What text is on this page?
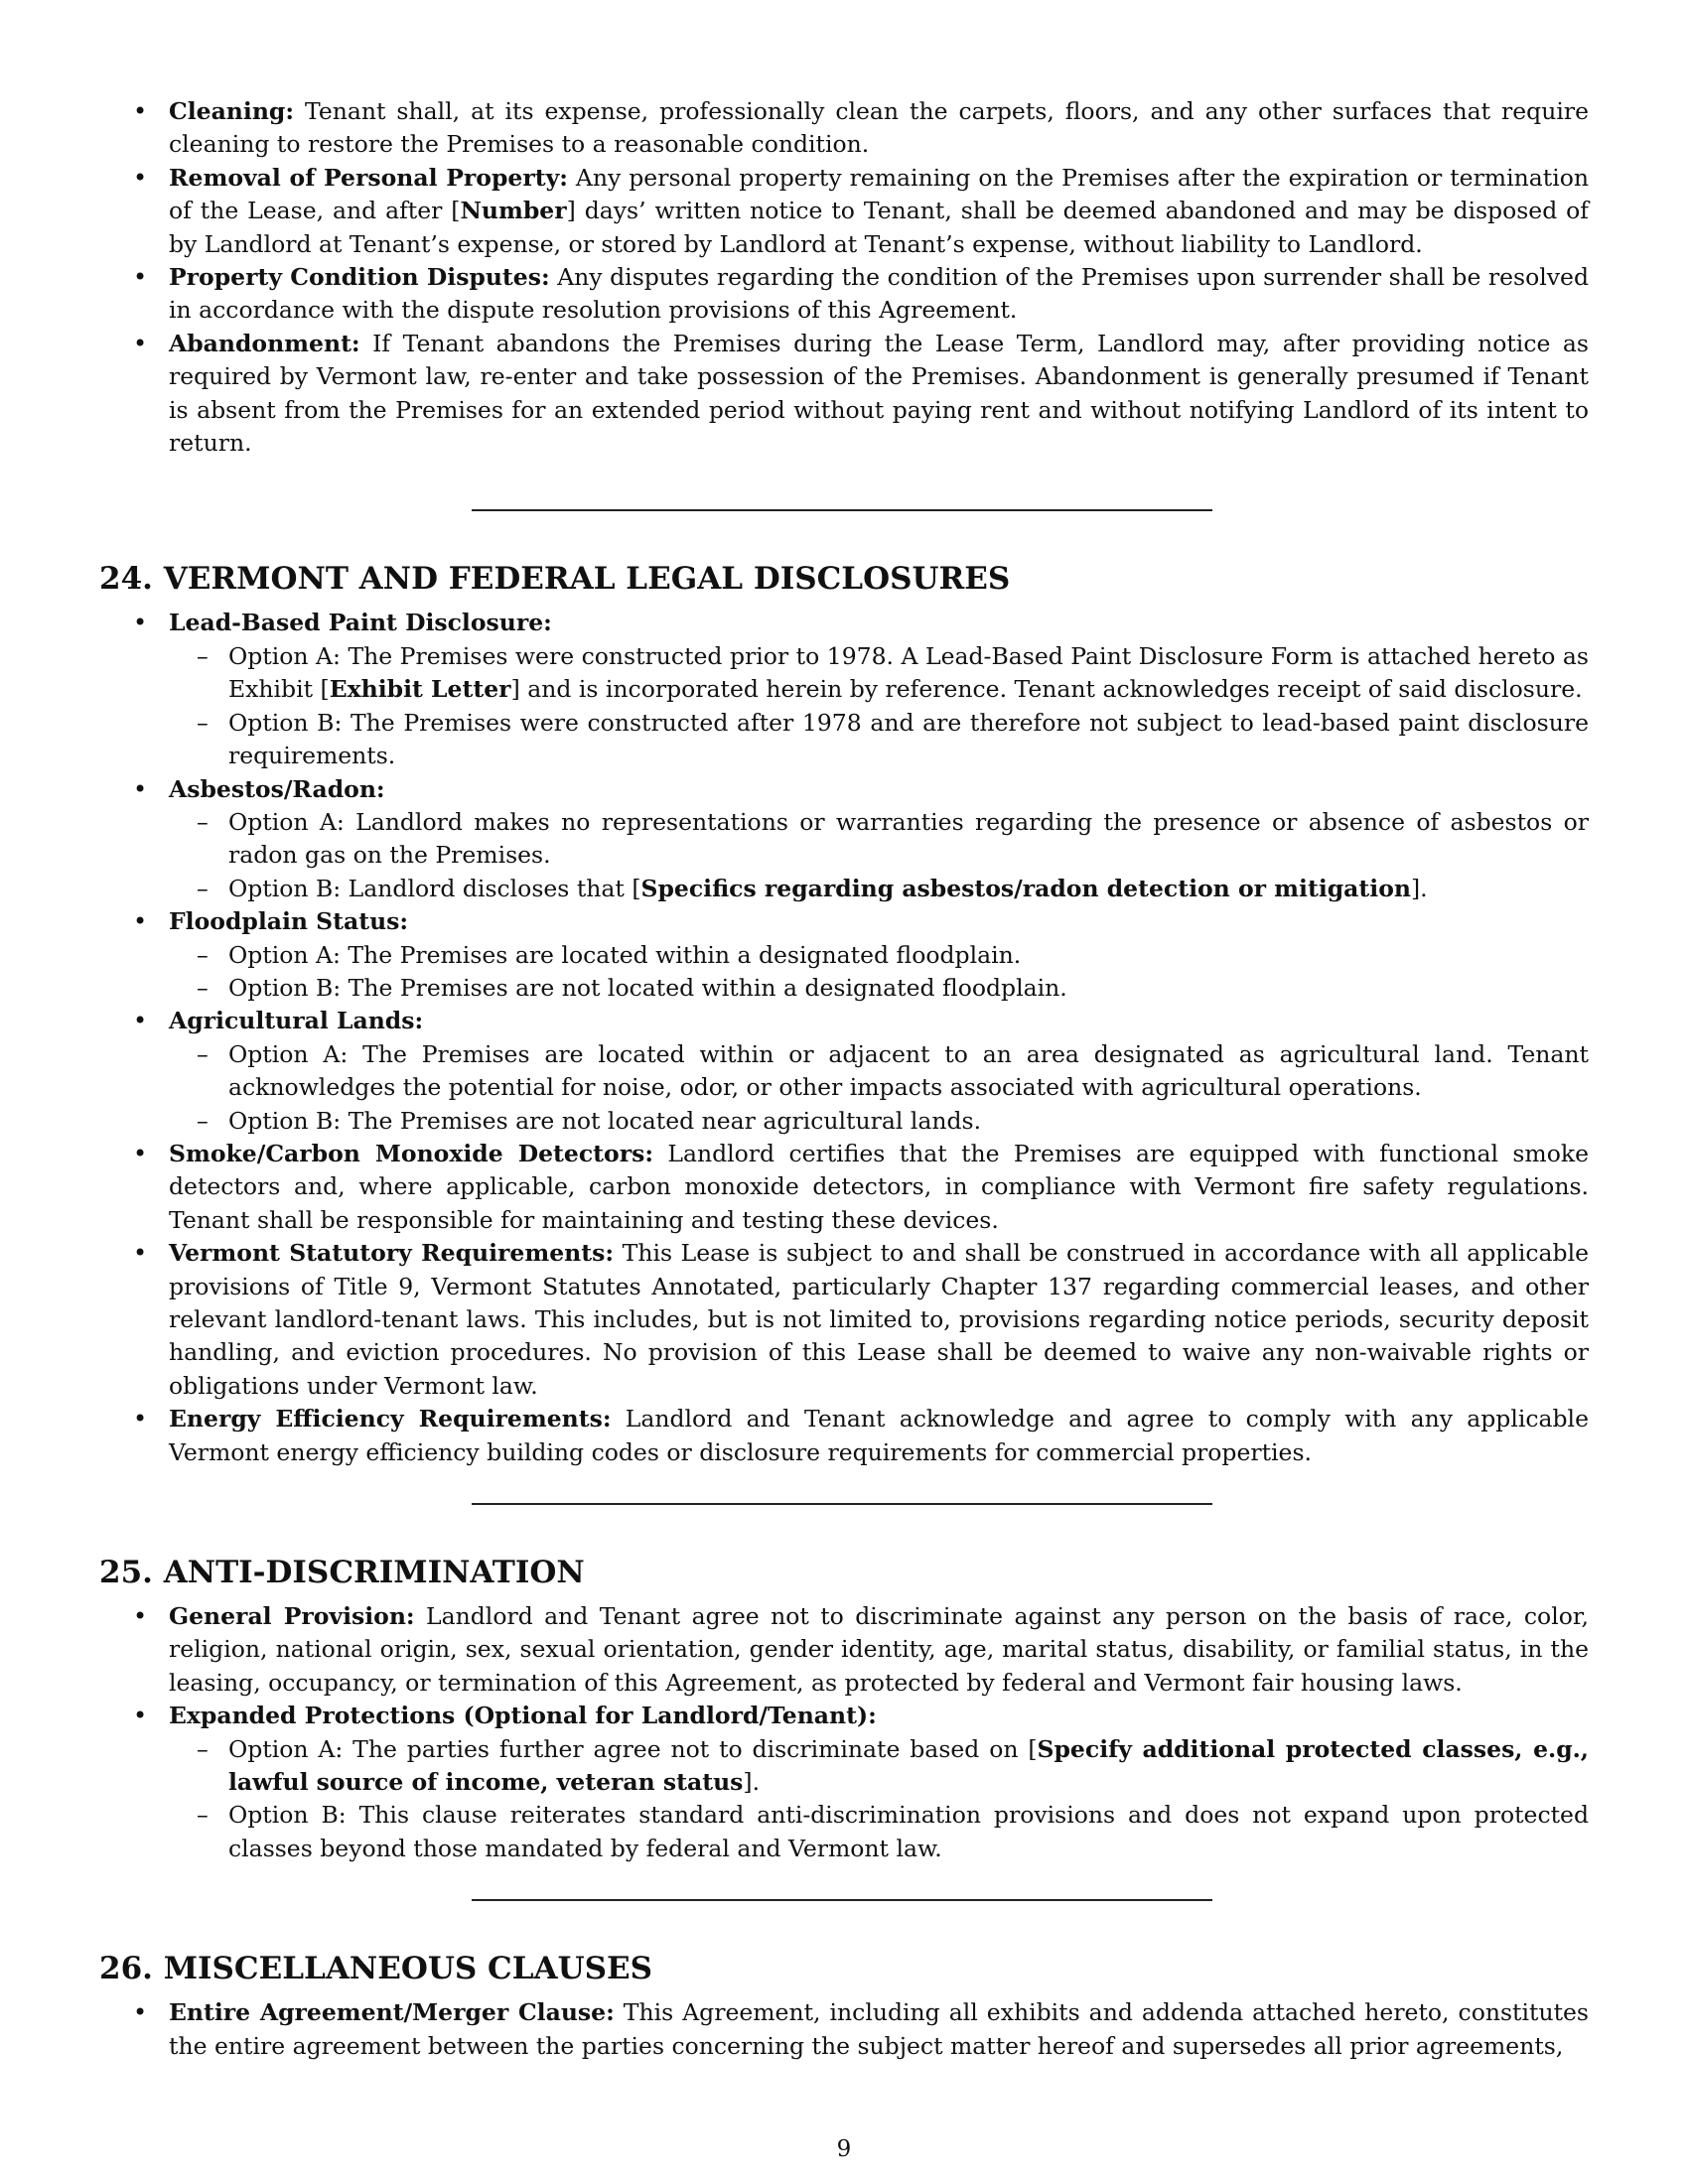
• Cleaning: Tenant shall, at its expense, professionally clean the carpets, floors, and any other surfaces that require cleaning to restore the Premises to a reasonable condition.
• Removal of Personal Property: Any personal property remaining on the Premises after the expiration or termination of the Lease, and after [Number] days’ written notice to Tenant, shall be deemed abandoned and may be disposed of by Landlord at Tenant’s expense, or stored by Landlord at Tenant’s expense, without liability to Landlord.
• Property Condition Disputes: Any disputes regarding the condition of the Premises upon surrender shall be resolved in accordance with the dispute resolution provisions of this Agreement.
• Abandonment: If Tenant abandons the Premises during the Lease Term, Landlord may, after providing notice as required by Vermont law, re-enter and take possession of the Premises. Abandonment is generally presumed if Tenant is absent from the Premises for an extended period without paying rent and without notifying Landlord of its intent to return.
24. VERMONT AND FEDERAL LEGAL DISCLOSURES
• Lead-Based Paint Disclosure:
– Option A: The Premises were constructed prior to 1978. A Lead-Based Paint Disclosure Form is attached hereto as Exhibit [Exhibit Letter] and is incorporated herein by reference. Tenant acknowledges receipt of said disclosure.
– Option B: The Premises were constructed after 1978 and are therefore not subject to lead-based paint disclosure requirements.
• Asbestos/Radon:
– Option A: Landlord makes no representations or warranties regarding the presence or absence of asbestos or radon gas on the Premises.
– Option B: Landlord discloses that [Specifics regarding asbestos/radon detection or mitigation].
• Floodplain Status:
– Option A: The Premises are located within a designated floodplain.
– Option B: The Premises are not located within a designated floodplain.
• Agricultural Lands:
– Option A: The Premises are located within or adjacent to an area designated as agricultural land. Tenant acknowledges the potential for noise, odor, or other impacts associated with agricultural operations.
– Option B: The Premises are not located near agricultural lands.
• Smoke/Carbon Monoxide Detectors: Landlord certifies that the Premises are equipped with functional smoke detectors and, where applicable, carbon monoxide detectors, in compliance with Vermont fire safety regulations. Tenant shall be responsible for maintaining and testing these devices.
• Vermont Statutory Requirements: This Lease is subject to and shall be construed in accordance with all applicable provisions of Title 9, Vermont Statutes Annotated, particularly Chapter 137 regarding commercial leases, and other relevant landlord-tenant laws. This includes, but is not limited to, provisions regarding notice periods, security deposit handling, and eviction procedures. No provision of this Lease shall be deemed to waive any non-waivable rights or obligations under Vermont law.
• Energy Efficiency Requirements: Landlord and Tenant acknowledge and agree to comply with any applicable Vermont energy efficiency building codes or disclosure requirements for commercial properties.
25. ANTI-DISCRIMINATION
• General Provision: Landlord and Tenant agree not to discriminate against any person on the basis of race, color, religion, national origin, sex, sexual orientation, gender identity, age, marital status, disability, or familial status, in the leasing, occupancy, or termination of this Agreement, as protected by federal and Vermont fair housing laws.
• Expanded Protections (Optional for Landlord/Tenant):
– Option A: The parties further agree not to discriminate based on [Specify additional protected classes, e.g., lawful source of income, veteran status].
– Option B: This clause reiterates standard anti-discrimination provisions and does not expand upon protected classes beyond those mandated by federal and Vermont law.
26. MISCELLANEOUS CLAUSES
• Entire Agreement/Merger Clause: This Agreement, including all exhibits and addenda attached hereto, constitutes the entire agreement between the parties concerning the subject matter hereof and supersedes all prior agreements,
9
